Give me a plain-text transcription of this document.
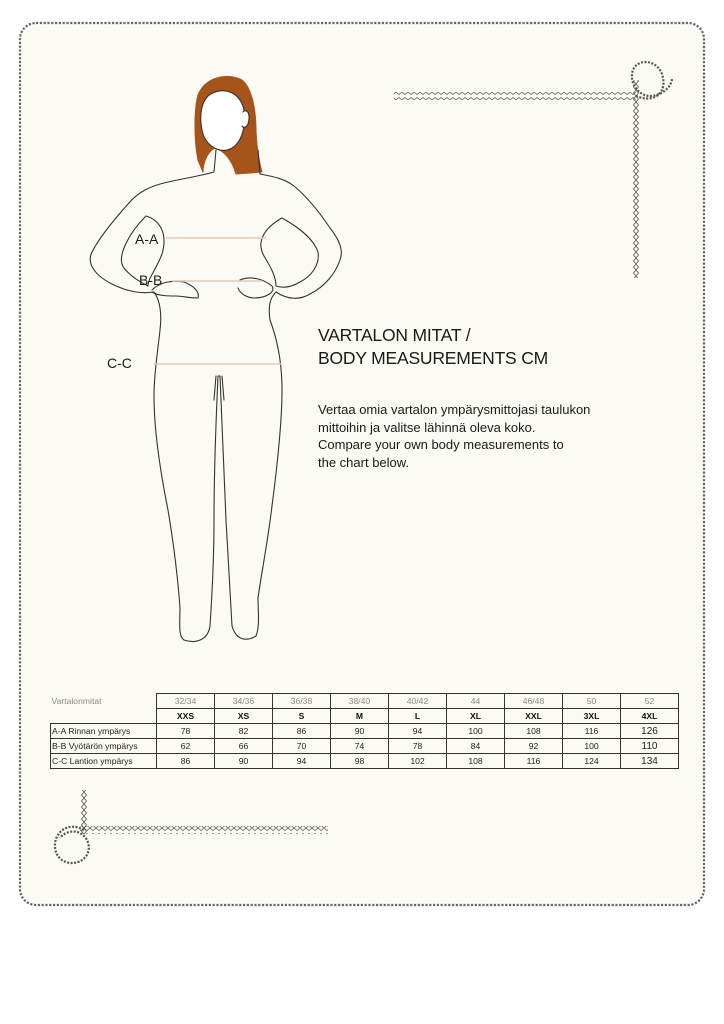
A-A
B-B
C-C
VARTALON MITAT /
BODY MEASUREMENTS CM
Vertaa omia vartalon ympärysmittojasi taulukon
mittoihin ja valitse lähinnä oleva koko.
Compare your own body measurements to
the chart below.
Vartalonmitat	32/34	34/36	36/38	38/40	40/42	44	46/48	50	52
	XXS	XS	S	M	L	XL	XXL	3XL	4XL
A-A Rinnan ympärys	78	82	86	90	94	100	108	116	126
B-B Vyötärön ympärys	62	66	70	74	78	84	92	100	110
C-C Lantion ympärys	86	90	94	98	102	108	116	124	134
